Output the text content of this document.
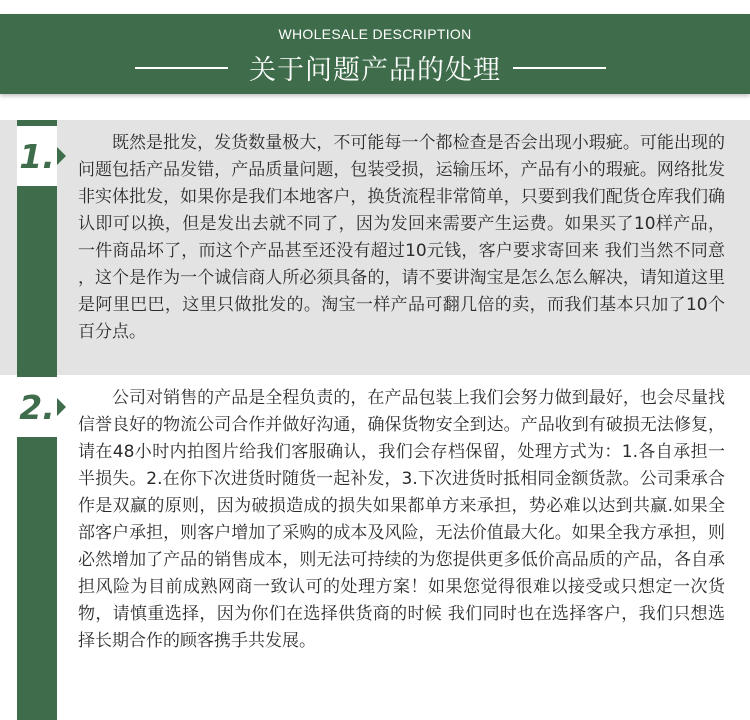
WHOLESALE DESCRIPTION
关于问题产品的处理
1.	既然是批发，发货数量极大，不可能每一个都检查是否会出现小瑕疵。可能出现的问题包括产品发错，产品质量问题，包装受损，运输压坏，产品有小的瑕疵。网络批发非实体批发，如果你是我们本地客户，换货流程非常简单，只要到我们配货仓库我们确认即可以换，但是发出去就不同了，因为发回来需要产生运费。如果买了10样产品，一件商品坏了，而这个产品甚至还没有超过10元钱，客户要求寄回来 我们当然不同意 ，这个是作为一个诚信商人所必须具备的，请不要讲淘宝是怎么怎么解决，请知道这里是阿里巴巴，这里只做批发的。淘宝一样产品可翻几倍的卖，而我们基本只加了10个百分点。

2.	公司对销售的产品是全程负责的，在产品包装上我们会努力做到最好，也会尽量找信誉良好的物流公司合作并做好沟通，确保货物安全到达。产品收到有破损无法修复，请在48小时内拍图片给我们客服确认，我们会存档保留，处理方式为：1.各自承担一半损失。2.在你下次进货时随货一起补发，3.下次进货时抵相同金额货款。公司秉承合作是双赢的原则，因为破损造成的损失如果都单方来承担，势必难以达到共赢.如果全部客户承担，则客户增加了采购的成本及风险，无法价值最大化。如果全我方承担，则必然增加了产品的销售成本，则无法可持续的为您提供更多低价高品质的产品，各自承担风险为目前成熟网商一致认可的处理方案！如果您觉得很难以接受或只想定一次货物，请慎重选择，因为你们在选择供货商的时候 我们同时也在选择客户，我们只想选择长期合作的顾客携手共发展。
